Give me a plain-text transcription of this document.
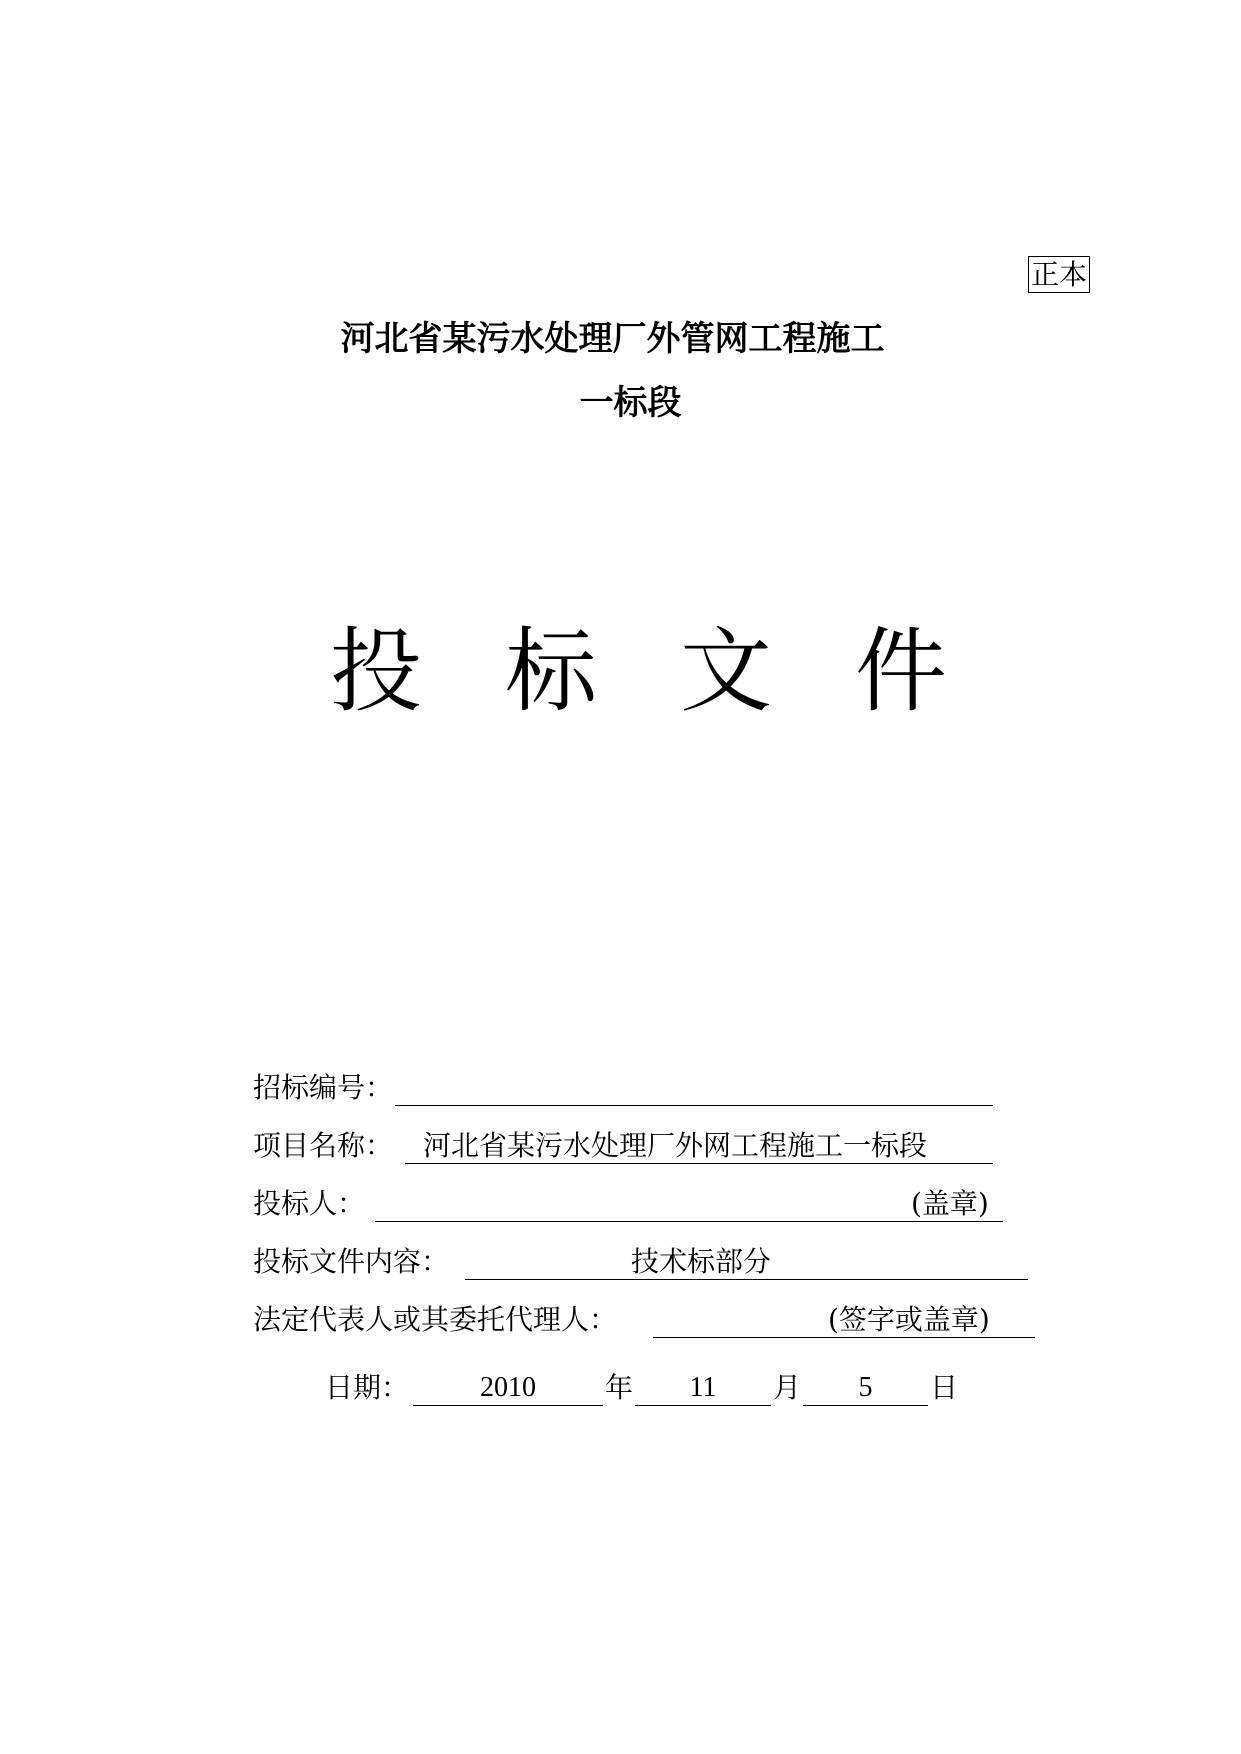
正本
河北省某污水处理厂外管网工程施工
一标段
投 标 文 件
招标编号：
项目名称： 河北省某污水处理厂外网工程施工一标段
投标人：	(盖章)
投标文件内容：	技术标部分
法定代表人或其委托代理人：	(签字或盖章)
日期：	2010	年	11	月	5	日
